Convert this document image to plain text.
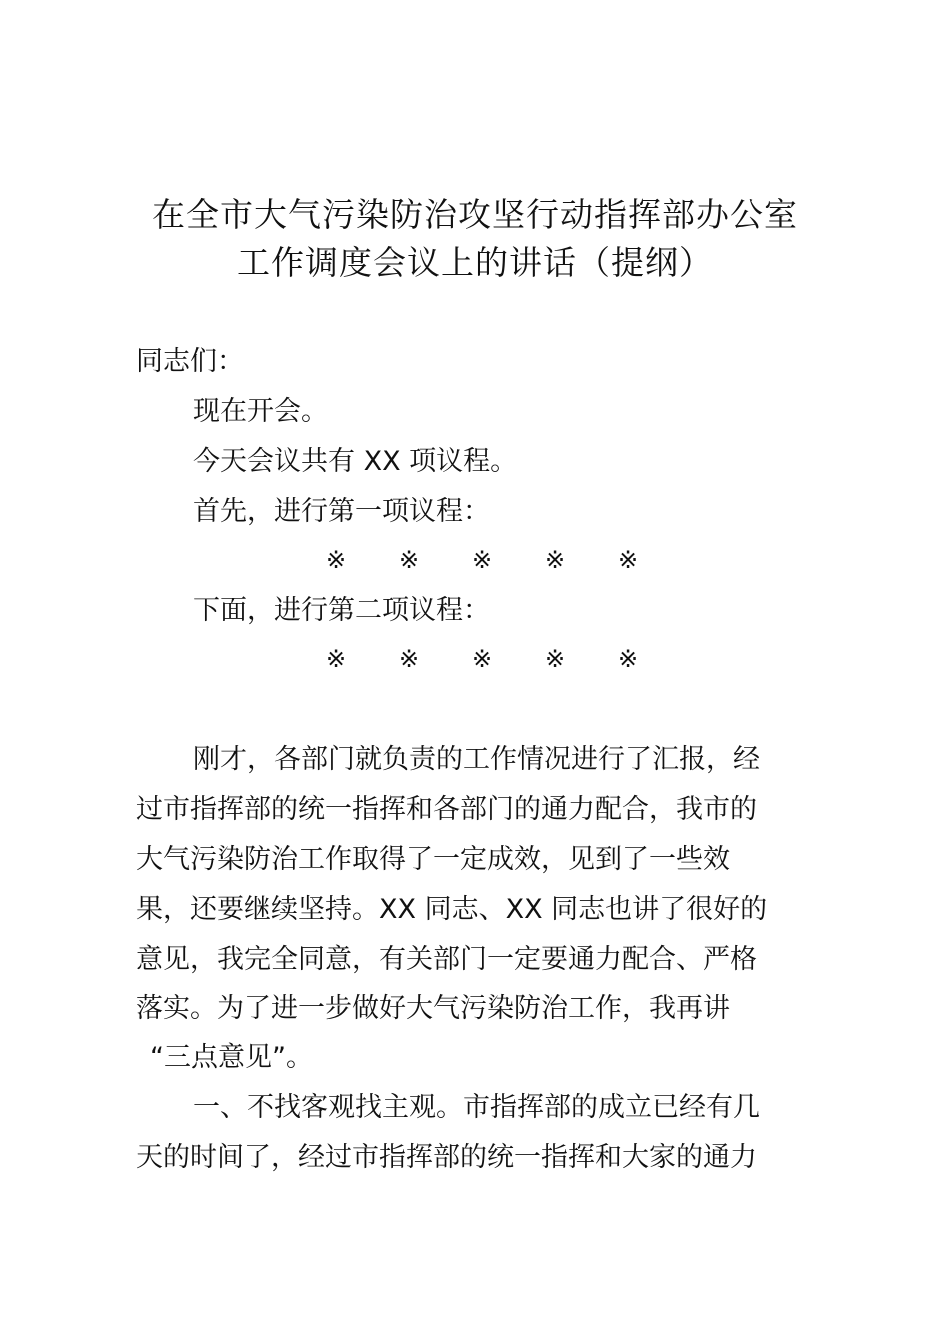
在全市大气污染防治攻坚行动指挥部办公室
工作调度会议上的讲话（提纲）
同志们：
现在开会。
今天会议共有 XX 项议程。
首先，进行第一项议程：
※ ※ ※ ※ ※
下面，进行第二项议程：
※ ※ ※ ※ ※
刚才，各部门就负责的工作情况进行了汇报，经
过市指挥部的统一指挥和各部门的通力配合，我市的
大气污染防治工作取得了一定成效，见到了一些效
果，还要继续坚持。XX 同志、XX 同志也讲了很好的
意见，我完全同意，有关部门一定要通力配合、严格
落实。为了进一步做好大气污染防治工作，我再讲
“三点意见”。
一、不找客观找主观。市指挥部的成立已经有几
天的时间了，经过市指挥部的统一指挥和大家的通力
